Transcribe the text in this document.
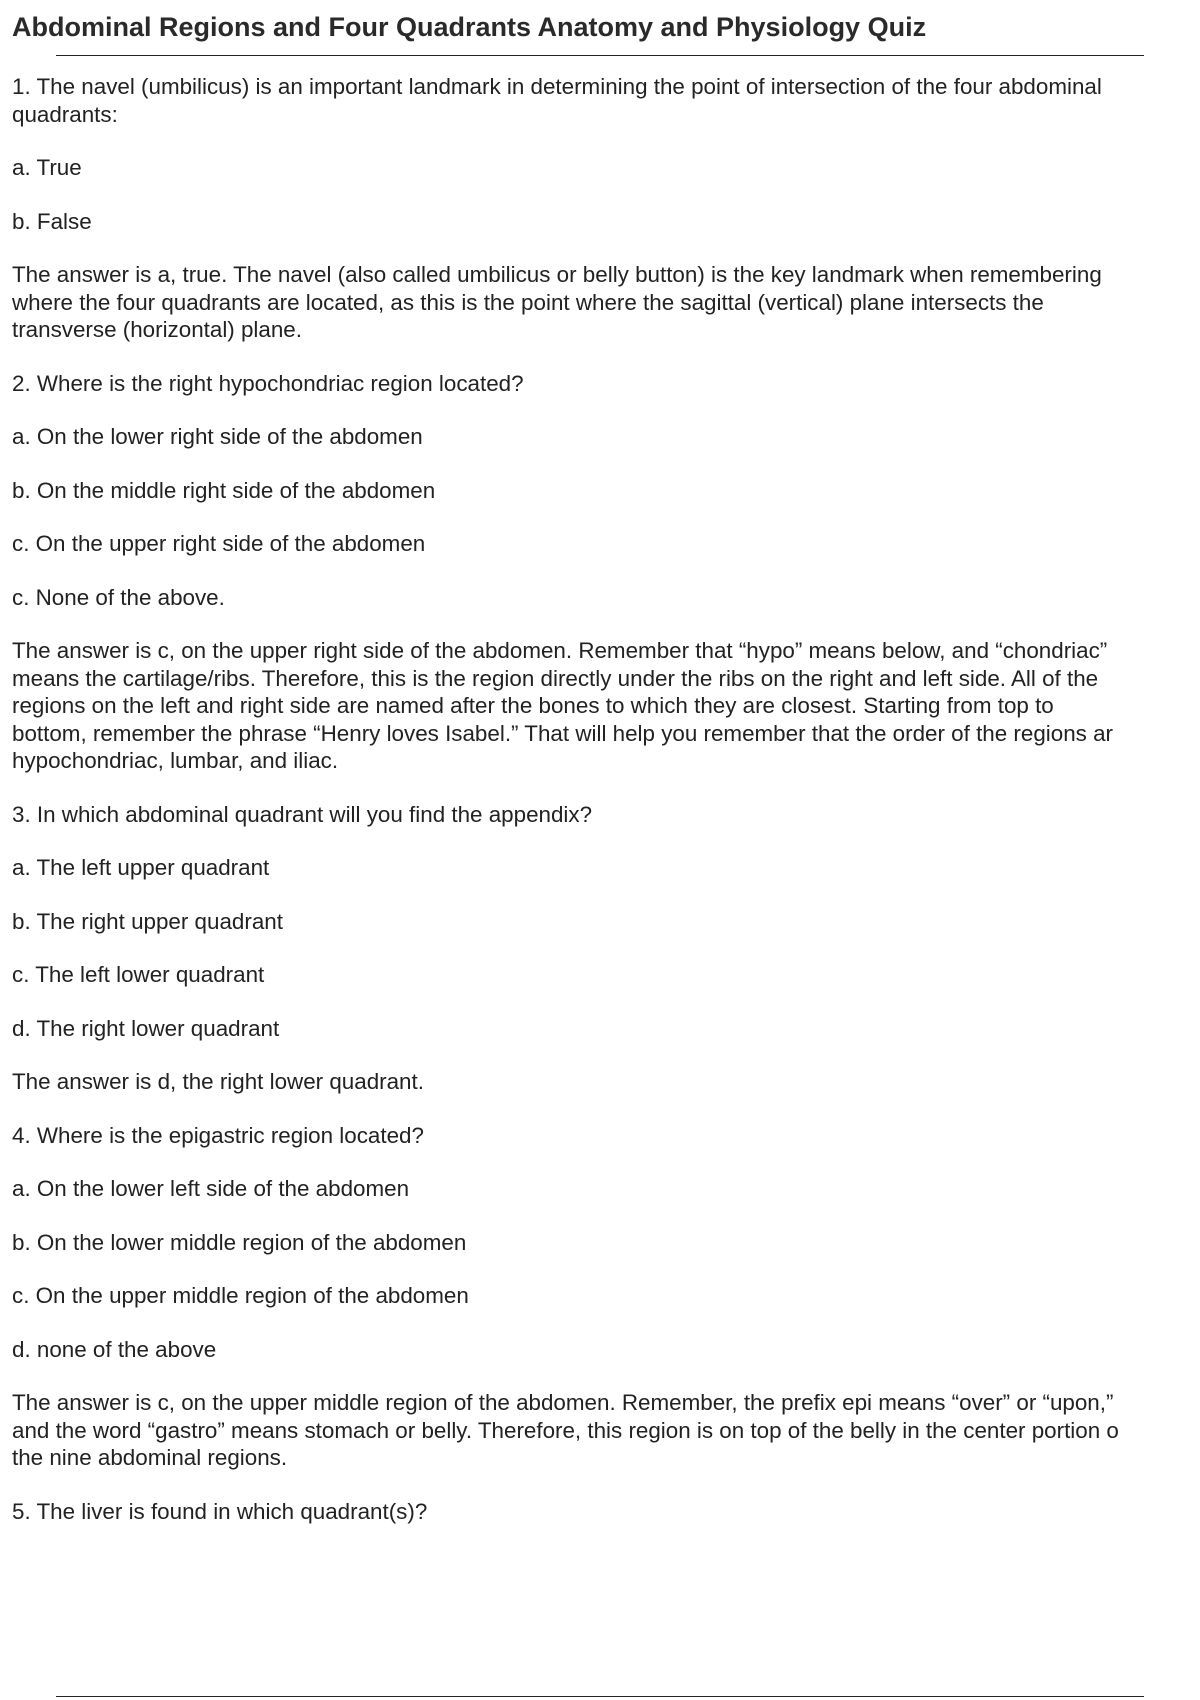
Abdominal Regions and Four Quadrants Anatomy and Physiology Quiz

1. The navel (umbilicus) is an important landmark in determining the point of intersection of the four abdominal
quadrants:

a. True

b. False

The answer is a, true. The navel (also called umbilicus or belly button) is the key landmark when remembering
where the four quadrants are located, as this is the point where the sagittal (vertical) plane intersects the
transverse (horizontal) plane.

2. Where is the right hypochondriac region located?

a. On the lower right side of the abdomen

b. On the middle right side of the abdomen

c. On the upper right side of the abdomen

c. None of the above.

The answer is c, on the upper right side of the abdomen. Remember that “hypo” means below, and “chondriac”
means the cartilage/ribs. Therefore, this is the region directly under the ribs on the right and left side. All of the
regions on the left and right side are named after the bones to which they are closest. Starting from top to
bottom, remember the phrase “Henry loves Isabel.” That will help you remember that the order of the regions ar
hypochondriac, lumbar, and iliac.

3. In which abdominal quadrant will you find the appendix?

a. The left upper quadrant

b. The right upper quadrant

c. The left lower quadrant

d. The right lower quadrant

The answer is d, the right lower quadrant.

4. Where is the epigastric region located?

a. On the lower left side of the abdomen

b. On the lower middle region of the abdomen

c. On the upper middle region of the abdomen

d. none of the above

The answer is c, on the upper middle region of the abdomen. Remember, the prefix epi means “over” or “upon,”
and the word “gastro” means stomach or belly. Therefore, this region is on top of the belly in the center portion o
the nine abdominal regions.

5. The liver is found in which quadrant(s)?
